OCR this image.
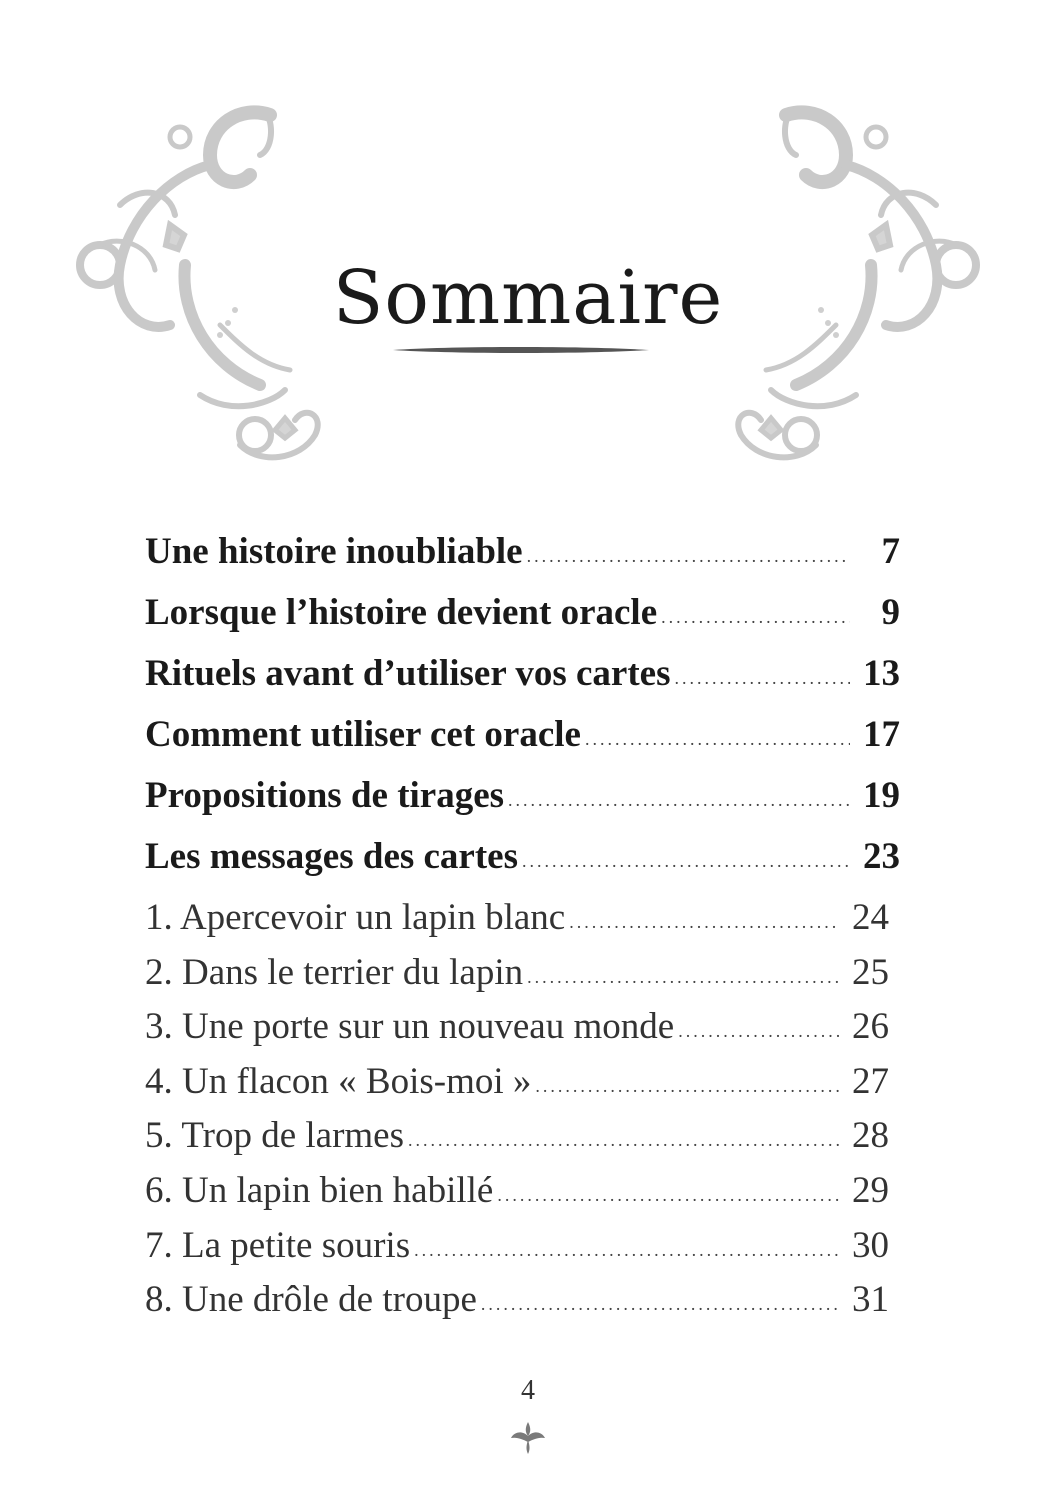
Sommaire
Une histoire inoubliable .....	7
Lorsque l’histoire devient oracle .....	9
Rituels avant d’utiliser vos cartes .....	13
Comment utiliser cet oracle .....	17
Propositions de tirages .....	19
Les messages des cartes .....	23
1. Apercevoir un lapin blanc .....	24
2. Dans le terrier du lapin .....	25
3. Une porte sur un nouveau monde .....	26
4. Un flacon « Bois-moi » .....	27
5. Trop de larmes .....	28
6. Un lapin bien habillé .....	29
7. La petite souris .....	30
8. Une drôle de troupe .....	31
4
